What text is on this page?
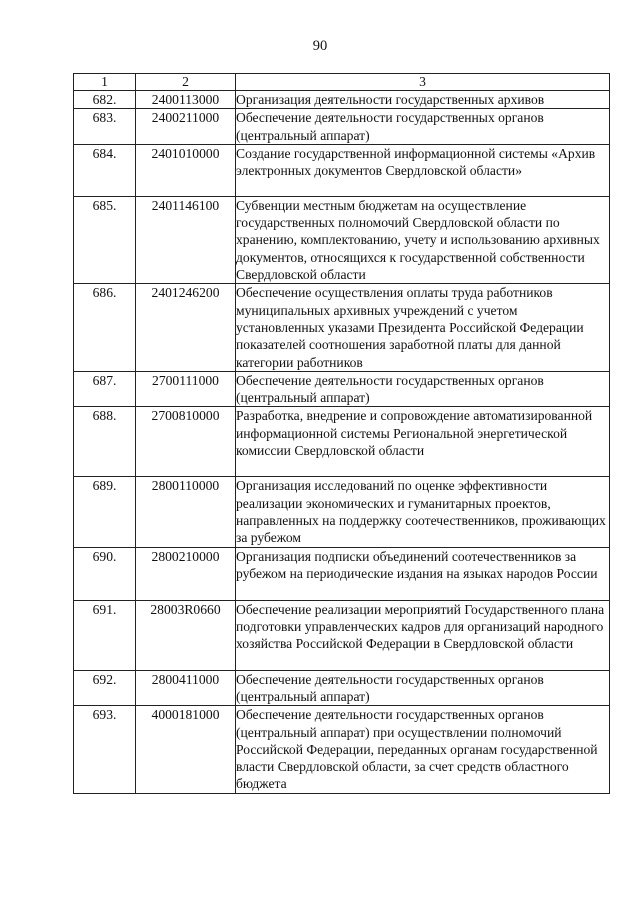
90
1	2	3
682.	2400113000	Организация деятельности государственных архивов
683.	2400211000	Обеспечение деятельности государственных органов (центральный аппарат)
684.	2401010000	Создание государственной информационной системы «Архив электронных документов Свердловской области»
685.	2401146100	Субвенции местным бюджетам на осуществление государственных полномочий Свердловской области по хранению, комплектованию, учету и использованию архивных документов, относящихся к государственной собственности Свердловской области
686.	2401246200	Обеспечение осуществления оплаты труда работников муниципальных архивных учреждений с учетом установленных указами Президента Российской Федерации показателей соотношения заработной платы для данной категории работников
687.	2700111000	Обеспечение деятельности государственных органов (центральный аппарат)
688.	2700810000	Разработка, внедрение и сопровождение автоматизированной информационной системы Региональной энергетической комиссии Свердловской области
689.	2800110000	Организация исследований по оценке эффективности реализации экономических и гуманитарных проектов, направленных на поддержку соотечественников, проживающих за рубежом
690.	2800210000	Организация подписки объединений соотечественников за рубежом на периодические издания на языках народов России
691.	28003R0660	Обеспечение реализации мероприятий Государственного плана подготовки управленческих кадров для организаций народного хозяйства Российской Федерации в Свердловской области
692.	2800411000	Обеспечение деятельности государственных органов (центральный аппарат)
693.	4000181000	Обеспечение деятельности государственных органов (центральный аппарат) при осуществлении полномочий Российской Федерации, переданных органам государственной власти Свердловской области, за счет средств областного бюджета
